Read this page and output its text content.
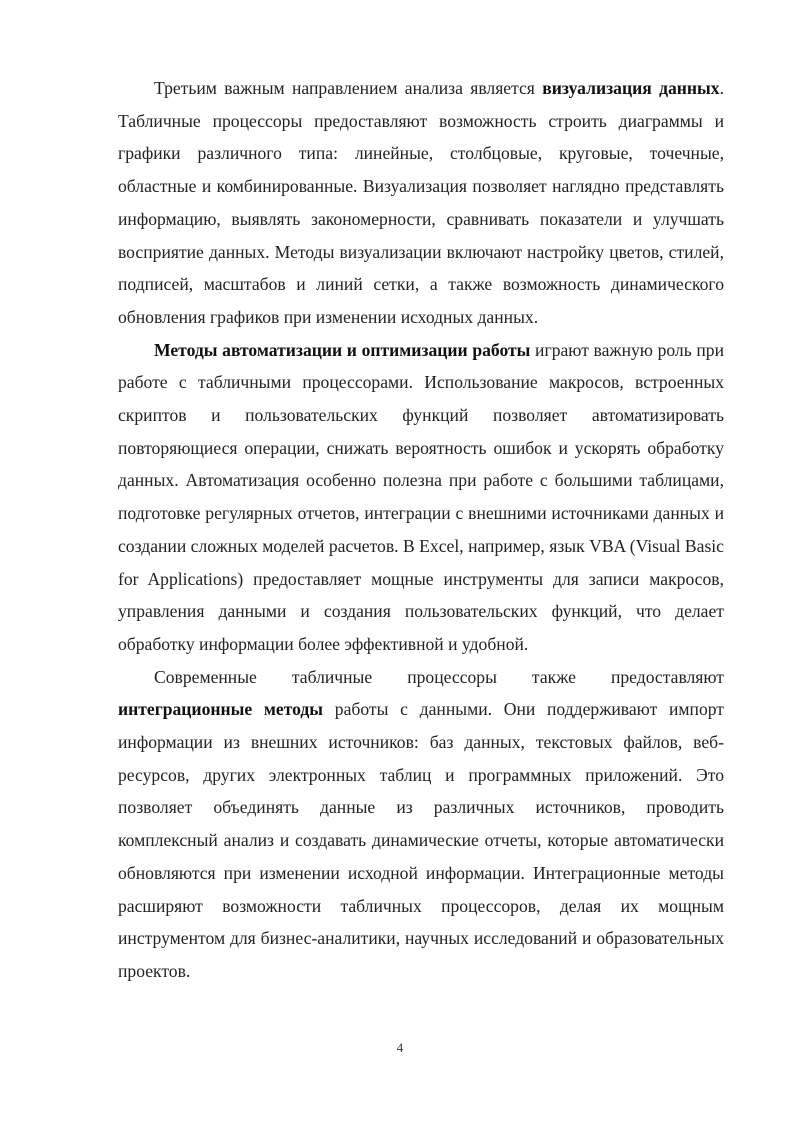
Третьим важным направлением анализа является визуализация данных. Табличные процессоры предоставляют возможность строить диаграммы и графики различного типа: линейные, столбцовые, круговые, точечные, областные и комбинированные. Визуализация позволяет наглядно представлять информацию, выявлять закономерности, сравнивать показатели и улучшать восприятие данных. Методы визуализации включают настройку цветов, стилей, подписей, масштабов и линий сетки, а также возможность динамического обновления графиков при изменении исходных данных.

Методы автоматизации и оптимизации работы играют важную роль при работе с табличными процессорами. Использование макросов, встроенных скриптов и пользовательских функций позволяет автоматизировать повторяющиеся операции, снижать вероятность ошибок и ускорять обработку данных. Автоматизация особенно полезна при работе с большими таблицами, подготовке регулярных отчетов, интеграции с внешними источниками данных и создании сложных моделей расчетов. В Excel, например, язык VBA (Visual Basic for Applications) предоставляет мощные инструменты для записи макросов, управления данными и создания пользовательских функций, что делает обработку информации более эффективной и удобной.

Современные табличные процессоры также предоставляют интеграционные методы работы с данными. Они поддерживают импорт информации из внешних источников: баз данных, текстовых файлов, веб-ресурсов, других электронных таблиц и программных приложений. Это позволяет объединять данные из различных источников, проводить комплексный анализ и создавать динамические отчеты, которые автоматически обновляются при изменении исходной информации. Интеграционные методы расширяют возможности табличных процессоров, делая их мощным инструментом для бизнес-аналитики, научных исследований и образовательных проектов.

4
